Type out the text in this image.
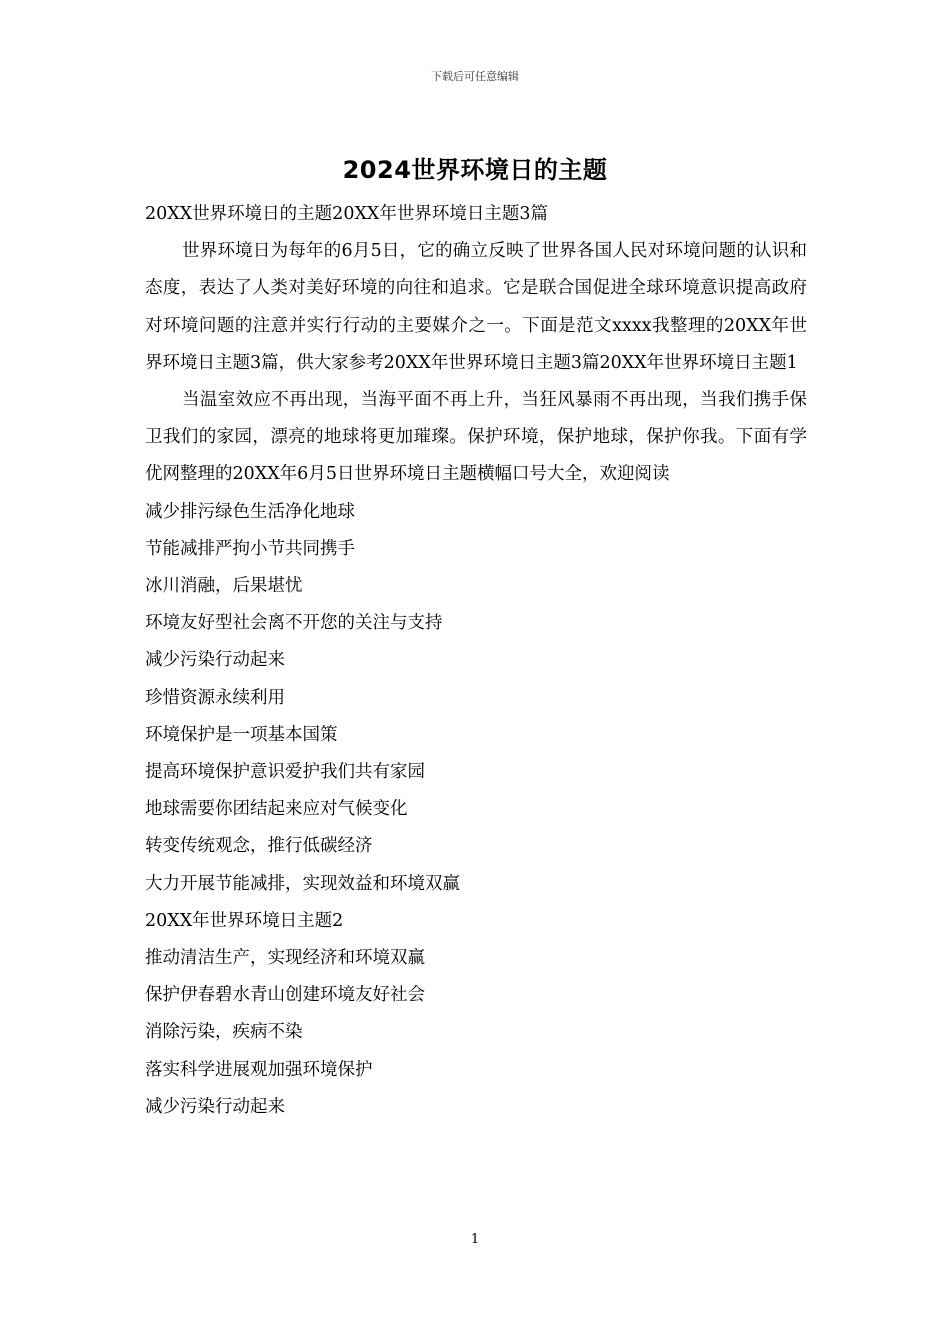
下载后可任意编辑
2024世界环境日的主题

20XX世界环境日的主题20XX年世界环境日主题3篇

世界环境日为每年的6月5日，它的确立反映了世界各国人民对环境问题的认识和态度，表达了人类对美好环境的向往和追求。它是联合国促进全球环境意识提高政府对环境问题的注意并实行行动的主要媒介之一。下面是范文xxxx我整理的20XX年世界环境日主题3篇，供大家参考20XX年世界环境日主题3篇20XX年世界环境日主题1

当温室效应不再出现，当海平面不再上升，当狂风暴雨不再出现，当我们携手保卫我们的家园，漂亮的地球将更加璀璨。保护环境，保护地球，保护你我。下面有学优网整理的20XX年6月5日世界环境日主题横幅口号大全，欢迎阅读

减少排污绿色生活净化地球

节能减排严拘小节共同携手

冰川消融，后果堪忧

环境友好型社会离不开您的关注与支持

减少污染行动起来

珍惜资源永续利用

环境保护是一项基本国策

提高环境保护意识爱护我们共有家园

地球需要你团结起来应对气候变化

转变传统观念，推行低碳经济

大力开展节能减排，实现效益和环境双赢

20XX年世界环境日主题2

推动清洁生产，实现经济和环境双赢

保护伊春碧水青山创建环境友好社会

消除污染，疾病不染

落实科学进展观加强环境保护

减少污染行动起来

1
